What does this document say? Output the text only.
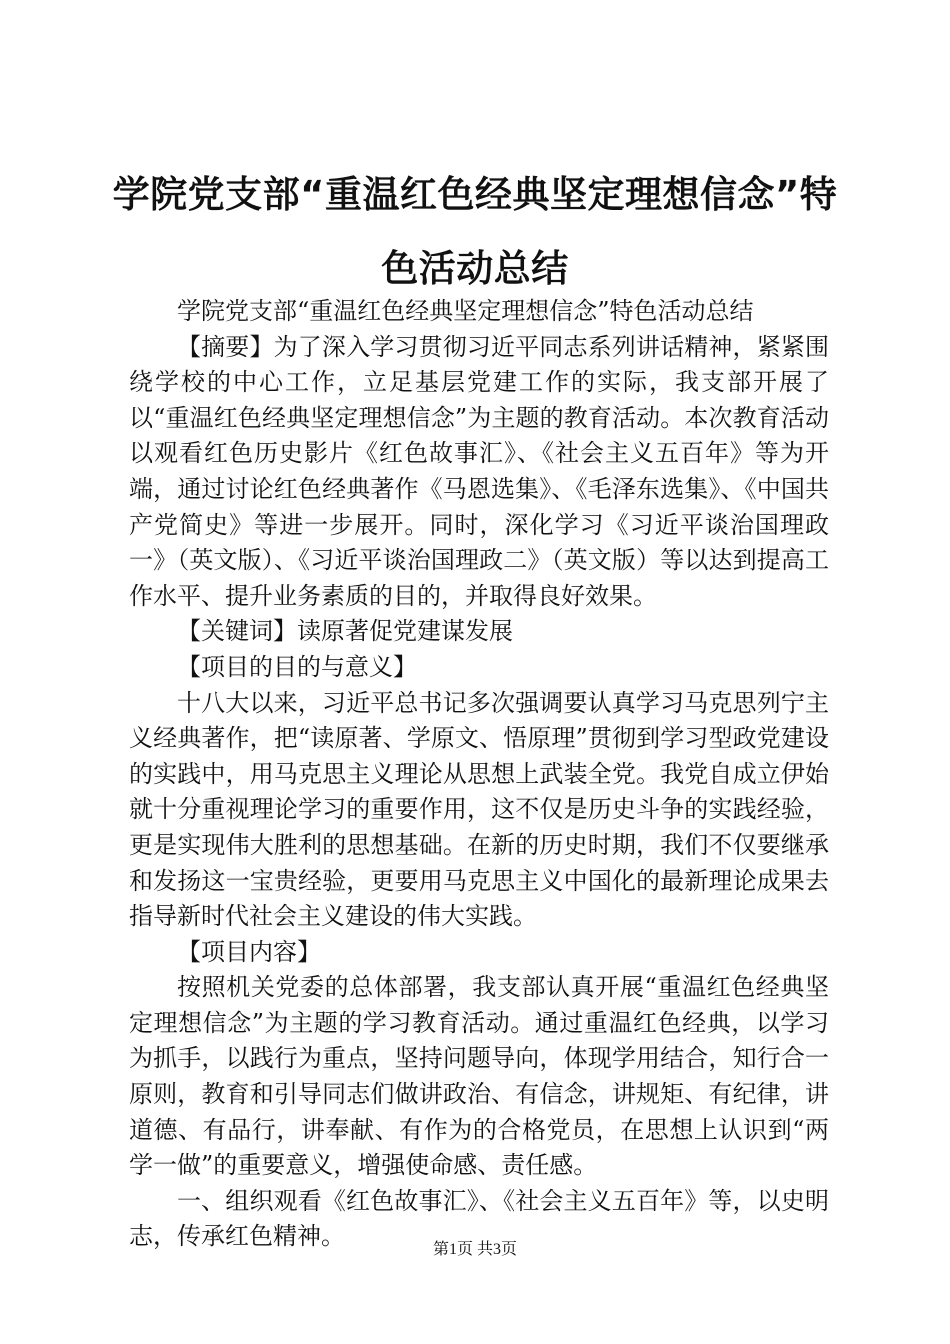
学院党支部“重温红色经典坚定理想信念”特色活动总结

学院党支部“重温红色经典坚定理想信念”特色活动总结

【摘要】为了深入学习贯彻习近平同志系列讲话精神，紧紧围绕学校的中心工作，立足基层党建工作的实际，我支部开展了以“重温红色经典坚定理想信念”为主题的教育活动。本次教育活动以观看红色历史影片《红色故事汇》、《社会主义五百年》等为开端，通过讨论红色经典著作《马恩选集》、《毛泽东选集》、《中国共产党简史》等进一步展开。同时，深化学习《习近平谈治国理政一》（英文版）、《习近平谈治国理政二》（英文版）等以达到提高工作水平、提升业务素质的目的，并取得良好效果。

【关键词】读原著促党建谋发展

【项目的目的与意义】

十八大以来，习近平总书记多次强调要认真学习马克思列宁主义经典著作，把“读原著、学原文、悟原理”贯彻到学习型政党建设的实践中，用马克思主义理论从思想上武装全党。我党自成立伊始就十分重视理论学习的重要作用，这不仅是历史斗争的实践经验，更是实现伟大胜利的思想基础。在新的历史时期，我们不仅要继承和发扬这一宝贵经验，更要用马克思主义中国化的最新理论成果去指导新时代社会主义建设的伟大实践。

【项目内容】

按照机关党委的总体部署，我支部认真开展“重温红色经典坚定理想信念”为主题的学习教育活动。通过重温红色经典，以学习为抓手，以践行为重点，坚持问题导向，体现学用结合，知行合一原则，教育和引导同志们做讲政治、有信念，讲规矩、有纪律，讲道德、有品行，讲奉献、有作为的合格党员，在思想上认识到“两学一做”的重要意义，增强使命感、责任感。

一、组织观看《红色故事汇》、《社会主义五百年》等，以史明志，传承红色精神。	第1页 共3页
